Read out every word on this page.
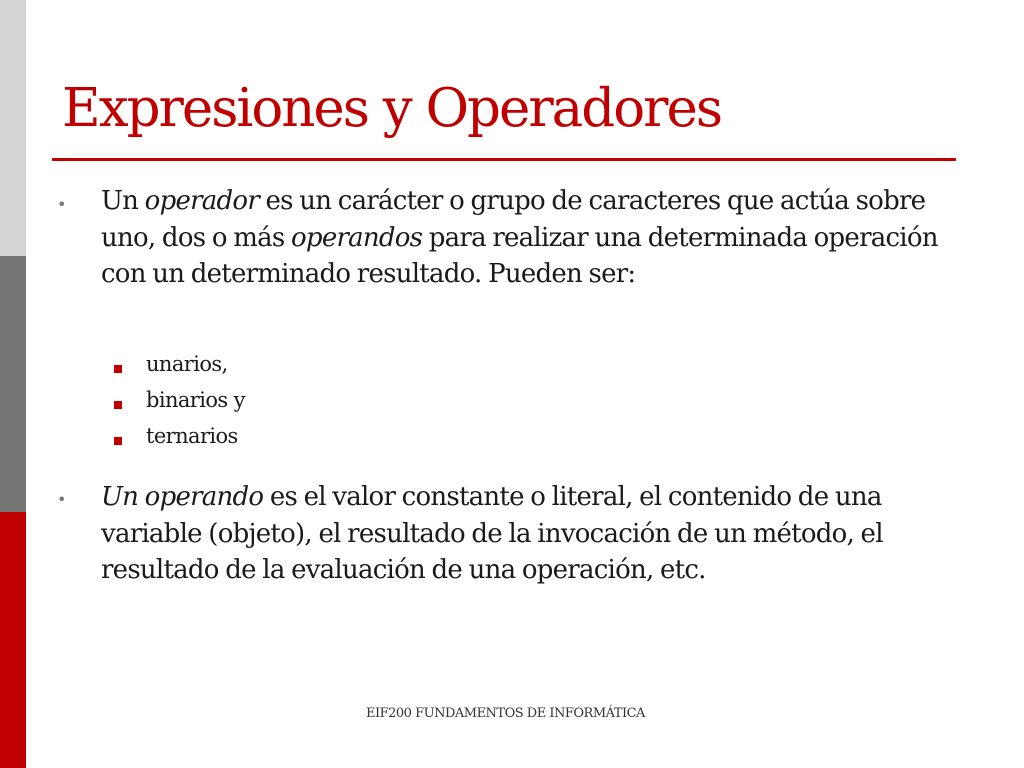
Expresiones y Operadores
• Un operador es un carácter o grupo de caracteres que actúa sobre uno, dos o más operandos para realizar una determinada operación con un determinado resultado. Pueden ser:

unarios,
binarios y
ternarios
• Un operando es el valor constante o literal, el contenido de una variable (objeto), el resultado de la invocación de un método, el resultado de la evaluación de una operación, etc.

EIF200 FUNDAMENTOS DE INFORMÁTICA
